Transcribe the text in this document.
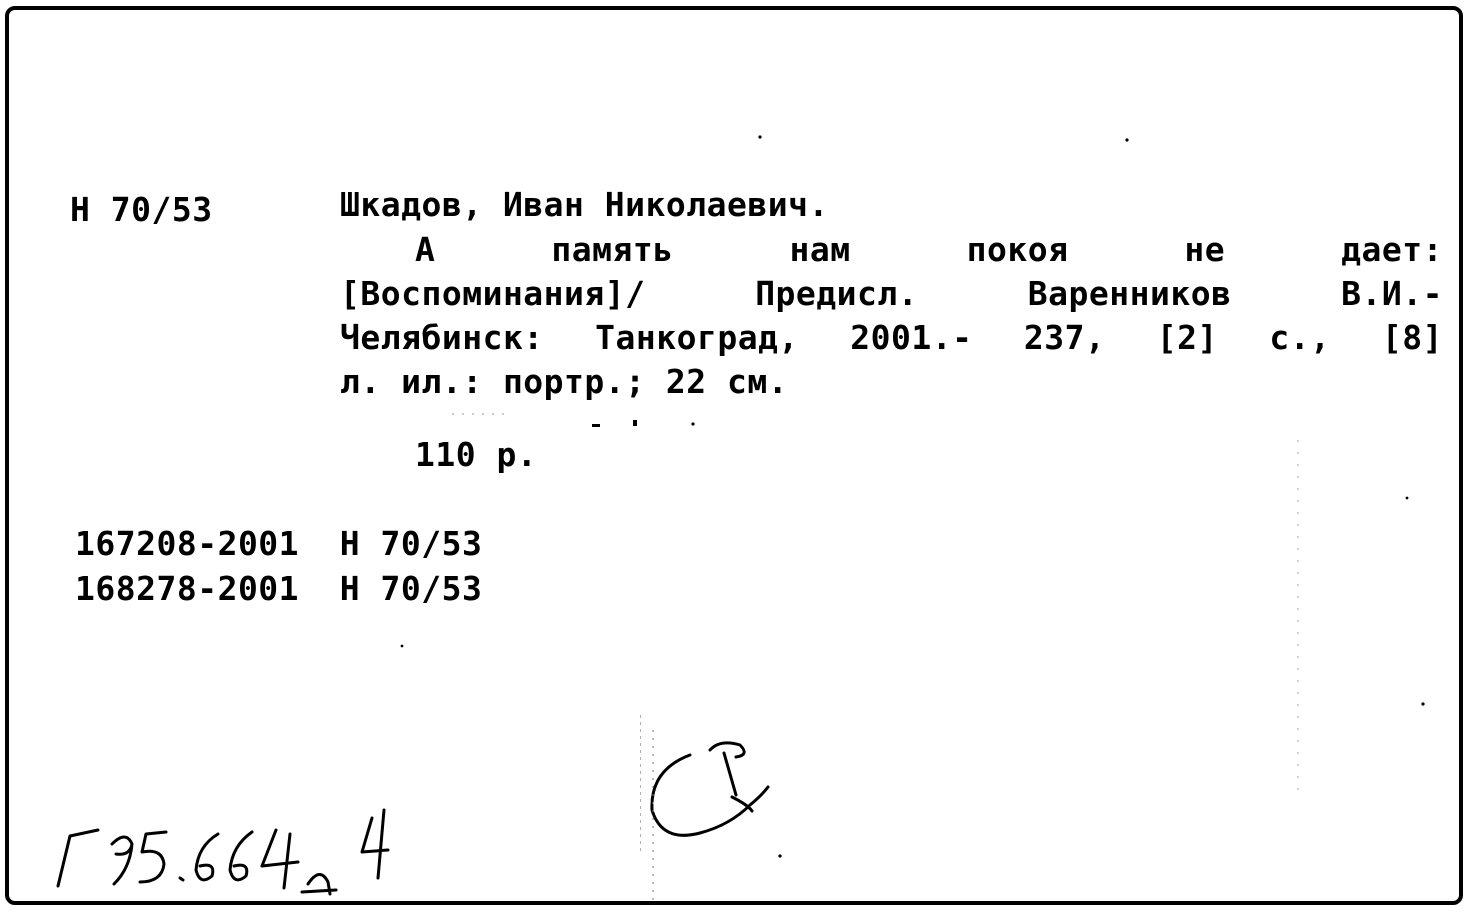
Н 70/53	Шкадов, Иван Николаевич.
А память нам покоя не дает:
[Воспоминания]/ Предисл. Варенников В.И.-
Челябинск: Танкоград, 2001.- 237, [2] с., [8]
л. ил.: портр.; 22 см.
110 р.
167208-2001 Н 70/53
168278-2001 Н 70/53
